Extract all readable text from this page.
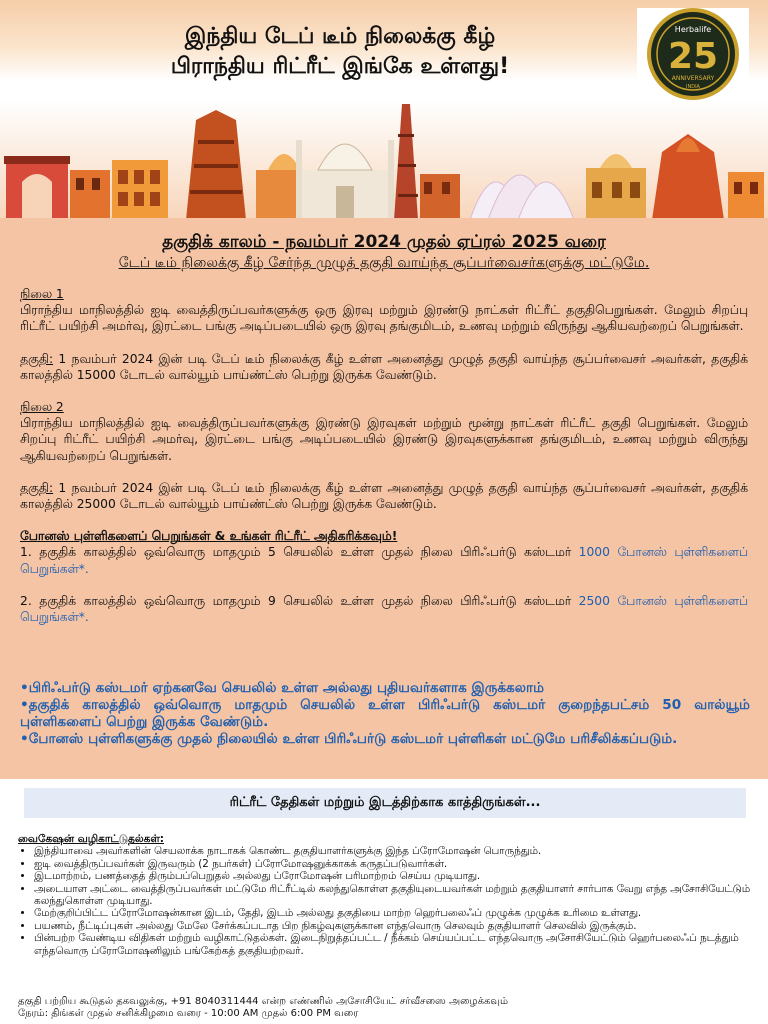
இந்திய டேப் டீம் நிலைக்கு கீழ்
பிராந்திய ரிட்ரீட் இங்கே உள்ளது!
Herbalife
25
ANNIVERSARY
INDIA
தகுதிக் காலம் - நவம்பர் 2024 முதல் ஏப்ரல் 2025 வரை
டேப் டீம் நிலைக்கு கீழ் சேர்ந்த முழுத் தகுதி வாய்ந்த சூப்பர்வைசர்களுக்கு மட்டுமே.

நிலை 1

பிராந்திய மாநிலத்தில் ஐடி வைத்திருப்பவர்களுக்கு ஒரு இரவு மற்றும் இரண்டு நாட்கள் ரிட்ரீட் தகுதிபெறுங்கள். மேலும் சிறப்பு ரிட்ரீட் பயிற்சி அமர்வு, இரட்டை பங்கு அடிப்படையில் ஒரு இரவு தங்குமிடம், உணவு மற்றும் விருந்து ஆகியவற்றைப் பெறுங்கள்.

தகுதி: 1 நவம்பர் 2024 இன் படி டேப் டீம் நிலைக்கு கீழ் உள்ள அனைத்து முழுத் தகுதி வாய்ந்த சூப்பர்வைசர் அவர்கள், தகுதிக் காலத்தில் 15000 டோடல் வால்யூம் பாய்ண்ட்ஸ் பெற்று இருக்க வேண்டும்.

நிலை 2

பிராந்திய மாநிலத்தில் ஐடி வைத்திருப்பவர்களுக்கு இரண்டு இரவுகள் மற்றும் மூன்று நாட்கள் ரிட்ரீட் தகுதி பெறுங்கள். மேலும் சிறப்பு ரிட்ரீட் பயிற்சி அமர்வு, இரட்டை பங்கு அடிப்படையில் இரண்டு இரவுகளுக்கான தங்குமிடம், உணவு மற்றும் விருந்து ஆகியவற்றைப் பெறுங்கள்.

தகுதி: 1 நவம்பர் 2024 இன் படி டேப் டீம் நிலைக்கு கீழ் உள்ள அனைத்து முழுத் தகுதி வாய்ந்த சூப்பர்வைசர் அவர்கள், தகுதிக் காலத்தில் 25000 டோடல் வால்யூம் பாய்ண்ட்ஸ் பெற்று இருக்க வேண்டும்.

போனஸ் புள்ளிகளைப் பெறுங்கள் & உங்கள் ரிட்ரீட் அதிகரிக்கவும்!

1. தகுதிக் காலத்தில் ஒவ்வொரு மாதமும் 5 செயலில் உள்ள முதல் நிலை பிரிஃபர்டு கஸ்டமர் 1000 போனஸ் புள்ளிகளைப் பெறுங்கள்*.

2. தகுதிக் காலத்தில் ஒவ்வொரு மாதமும் 9 செயலில் உள்ள முதல் நிலை பிரிஃபர்டு கஸ்டமர் 2500 போனஸ் புள்ளிகளைப் பெறுங்கள்*.

•பிரிஃபர்டு கஸ்டமர் ஏற்கனவே செயலில் உள்ள அல்லது புதியவர்களாக இருக்கலாம்

•தகுதிக் காலத்தில் ஒவ்வொரு மாதமும் செயலில் உள்ள பிரிஃபர்டு கஸ்டமர் குறைந்தபட்சம் 50 வால்யூம் புள்ளிகளைப் பெற்று இருக்க வேண்டும்.

•போனஸ் புள்ளிகளுக்கு முதல் நிலையில் உள்ள பிரிஃபர்டு கஸ்டமர் புள்ளிகள் மட்டுமே பரிசீலிக்கப்படும்.

ரிட்ரீட் தேதிகள் மற்றும் இடத்திற்காக காத்திருங்கள்...
வைகேஷன் வழிகாட்டுதல்கள்:
• இந்தியாவை அவர்களின் செயலாக்க நாடாகக் கொண்ட தகுதியாளர்களுக்கு இந்த ப்ரோமோஷன் பொருந்தும்.
• ஐடி வைத்திருப்பவர்கள் இருவரும் (2 நபர்கள்) ப்ரோமோஷனுக்காகக் கருதப்படுவார்கள்.
• இடமாற்றம், பணத்தைத் திரும்பப்பெறுதல் அல்லது ப்ரோமோஷன் பரிமாற்றம் செய்ய முடியாது.
• அடையாள அட்டை வைத்திருப்பவர்கள் மட்டுமே ரிட்ரீட்டில் கலந்துகொள்ள தகுதியுடையவர்கள் மற்றும் தகுதியாளர் சார்பாக வேறு எந்த அசோசியேட்டும் கலந்துகொள்ள முடியாது.
• மேற்குறிப்பிட்ட ப்ரோமோஷன்கான இடம், தேதி, இடம் அல்லது தகுதியை மாற்ற ஹெர்பலைஃப் முழுக்க முழுக்க உரிமை உள்ளது.
• பயணம், நீட்டிப்புகள் அல்லது மேலே சேர்க்கப்படாத பிற நிகழ்வுகளுக்கான எந்தவொரு செலவும் தகுதியாளர் செலவில் இருக்கும்.
• பின்பற்ற வேண்டிய விதிகள் மற்றும் வழிகாட்டுதல்கள். இடைநிறுத்தப்பட்ட / நீக்கம் செய்யப்பட்ட எந்தவொரு அசோசியேட்டும் ஹெர்பலைஃப் நடத்தும் எந்தவொரு ப்ரோமோஷனிலும் பங்கேற்கத் தகுதியற்றவர்.
தகுதி பற்றிய கூடுதல் தகவலுக்கு, +91 8040311444 என்ற எண்ணில் அசோசியேட் சர்வீசஸை அழைக்கவும்
நேரம்: திங்கள் முதல் சனிக்கிழமை வரை - 10:00 AM முதல் 6:00 PM வரை
